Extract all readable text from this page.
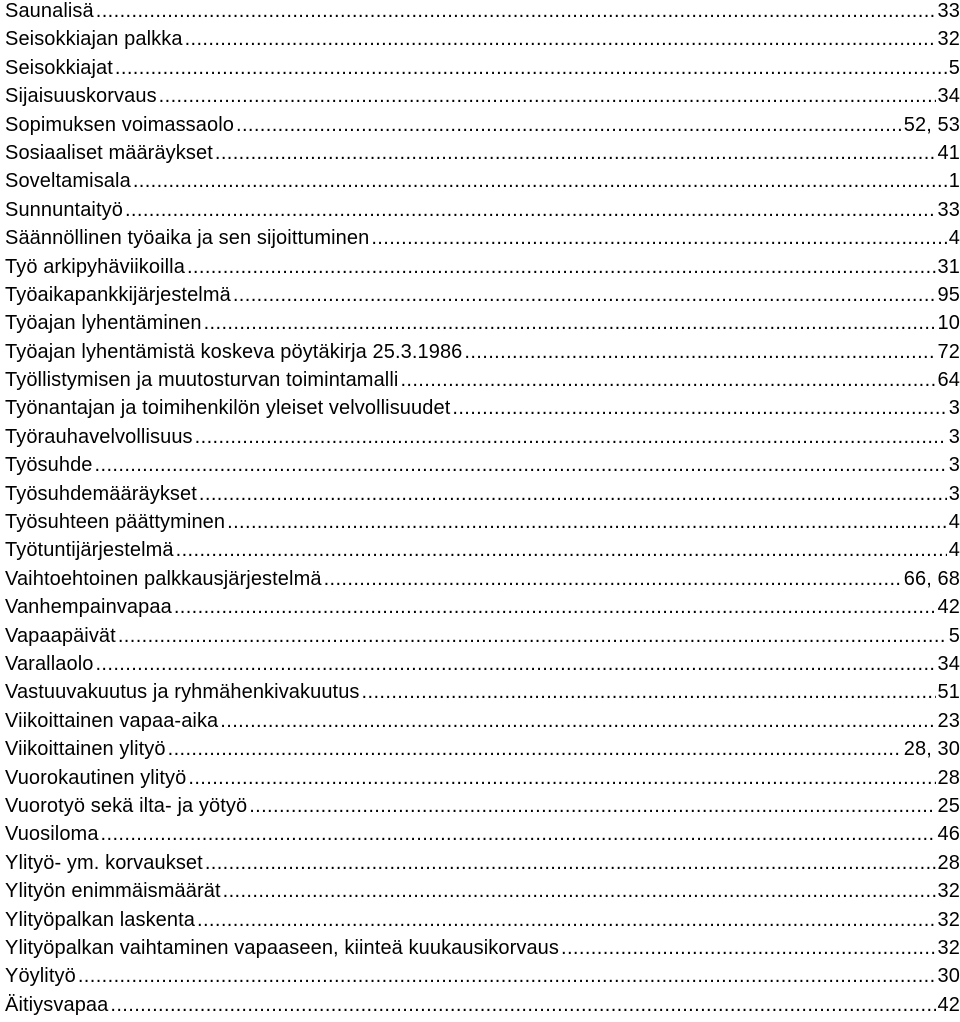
Saunalisä .....	33
Seisokkiajan palkka .....	32
Seisokkiajat .....	5
Sijaisuuskorvaus .....	34
Sopimuksen voimassaolo .....	52, 53
Sosiaaliset määräykset .....	41
Soveltamisala .....	1
Sunnuntaityö .....	33
Säännöllinen työaika ja sen sijoittuminen .....	4
Työ arkipyhäviikoilla .....	31
Työaikapankkijärjestelmä .....	95
Työajan lyhentäminen .....	10
Työajan lyhentämistä koskeva pöytäkirja 25.3.1986 .....	72
Työllistymisen ja muutosturvan toimintamalli .....	64
Työnantajan ja toimihenkilön yleiset velvollisuudet .....	3
Työrauhavelvollisuus .....	3
Työsuhde .....	3
Työsuhdemääräykset .....	3
Työsuhteen päättyminen .....	4
Työtuntijärjestelmä .....	4
Vaihtoehtoinen palkkausjärjestelmä .....	66, 68
Vanhempainvapaa .....	42
Vapaapäivät .....	5
Varallaolo .....	34
Vastuuvakuutus ja ryhmähenkivakuutus .....	51
Viikoittainen vapaa-aika .....	23
Viikoittainen ylityö .....	28, 30
Vuorokautinen ylityö .....	28
Vuorotyö sekä ilta- ja yötyö .....	25
Vuosiloma .....	46
Ylityö- ym. korvaukset .....	28
Ylityön enimmäismäärät .....	32
Ylityöpalkan laskenta .....	32
Ylityöpalkan vaihtaminen vapaaseen, kiinteä kuukausikorvaus .....	32
Yöylityö .....	30
Äitiysvapaa .....	42
